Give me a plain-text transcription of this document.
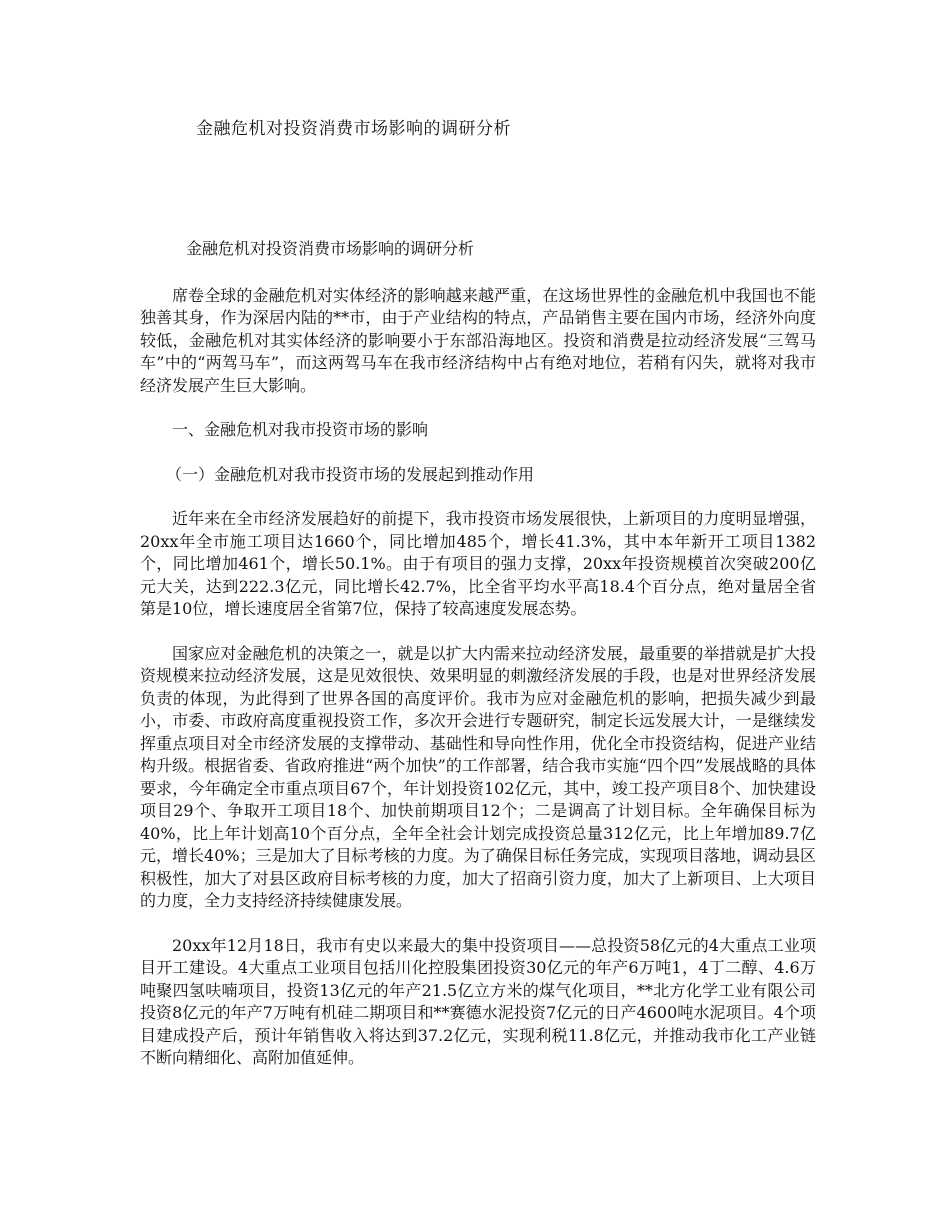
金融危机对投资消费市场影响的调研分析

金融危机对投资消费市场影响的调研分析

席卷全球的金融危机对实体经济的影响越来越严重，在这场世界性的金融危机中我国也不能独善其身，作为深居内陆的**市，由于产业结构的特点，产品销售主要在国内市场，经济外向度较低，金融危机对其实体经济的影响要小于东部沿海地区。投资和消费是拉动经济发展“三驾马车”中的“两驾马车”，而这两驾马车在我市经济结构中占有绝对地位，若稍有闪失，就将对我市经济发展产生巨大影响。

一、金融危机对我市投资市场的影响

（一）金融危机对我市投资市场的发展起到推动作用

近年来在全市经济发展趋好的前提下，我市投资市场发展很快，上新项目的力度明显增强，20xx年全市施工项目达1660个，同比增加485个，增长41.3%，其中本年新开工项目1382个，同比增加461个，增长50.1%。由于有项目的强力支撑，20xx年投资规模首次突破200亿元大关，达到222.3亿元，同比增长42.7%，比全省平均水平高18.4个百分点，绝对量居全省第是10位，增长速度居全省第7位，保持了较高速度发展态势。

国家应对金融危机的决策之一，就是以扩大内需来拉动经济发展，最重要的举措就是扩大投资规模来拉动经济发展，这是见效很快、效果明显的刺激经济发展的手段，也是对世界经济发展负责的体现，为此得到了世界各国的高度评价。我市为应对金融危机的影响，把损失减少到最小，市委、市政府高度重视投资工作，多次开会进行专题研究，制定长远发展大计，一是继续发挥重点项目对全市经济发展的支撑带动、基础性和导向性作用，优化全市投资结构，促进产业结构升级。根据省委、省政府推进“两个加快”的工作部署，结合我市实施“四个四”发展战略的具体要求，今年确定全市重点项目67个，年计划投资102亿元，其中，竣工投产项目8个、加快建设项目29个、争取开工项目18个、加快前期项目12个；二是调高了计划目标。全年确保目标为40%，比上年计划高10个百分点，全年全社会计划完成投资总量312亿元，比上年增加89.7亿元，增长40%；三是加大了目标考核的力度。为了确保目标任务完成，实现项目落地，调动县区积极性，加大了对县区政府目标考核的力度，加大了招商引资力度，加大了上新项目、上大项目的力度，全力支持经济持续健康发展。

20xx年12月18日，我市有史以来最大的集中投资项目——总投资58亿元的4大重点工业项目开工建设。4大重点工业项目包括川化控股集团投资30亿元的年产6万吨1，4丁二醇、4.6万吨聚四氢呋喃项目，投资13亿元的年产21.5亿立方米的煤气化项目，**北方化学工业有限公司投资8亿元的年产7万吨有机硅二期项目和**赛德水泥投资7亿元的日产4600吨水泥项目。4个项目建成投产后，预计年销售收入将达到37.2亿元，实现利税11.8亿元，并推动我市化工产业链不断向精细化、高附加值延伸。
